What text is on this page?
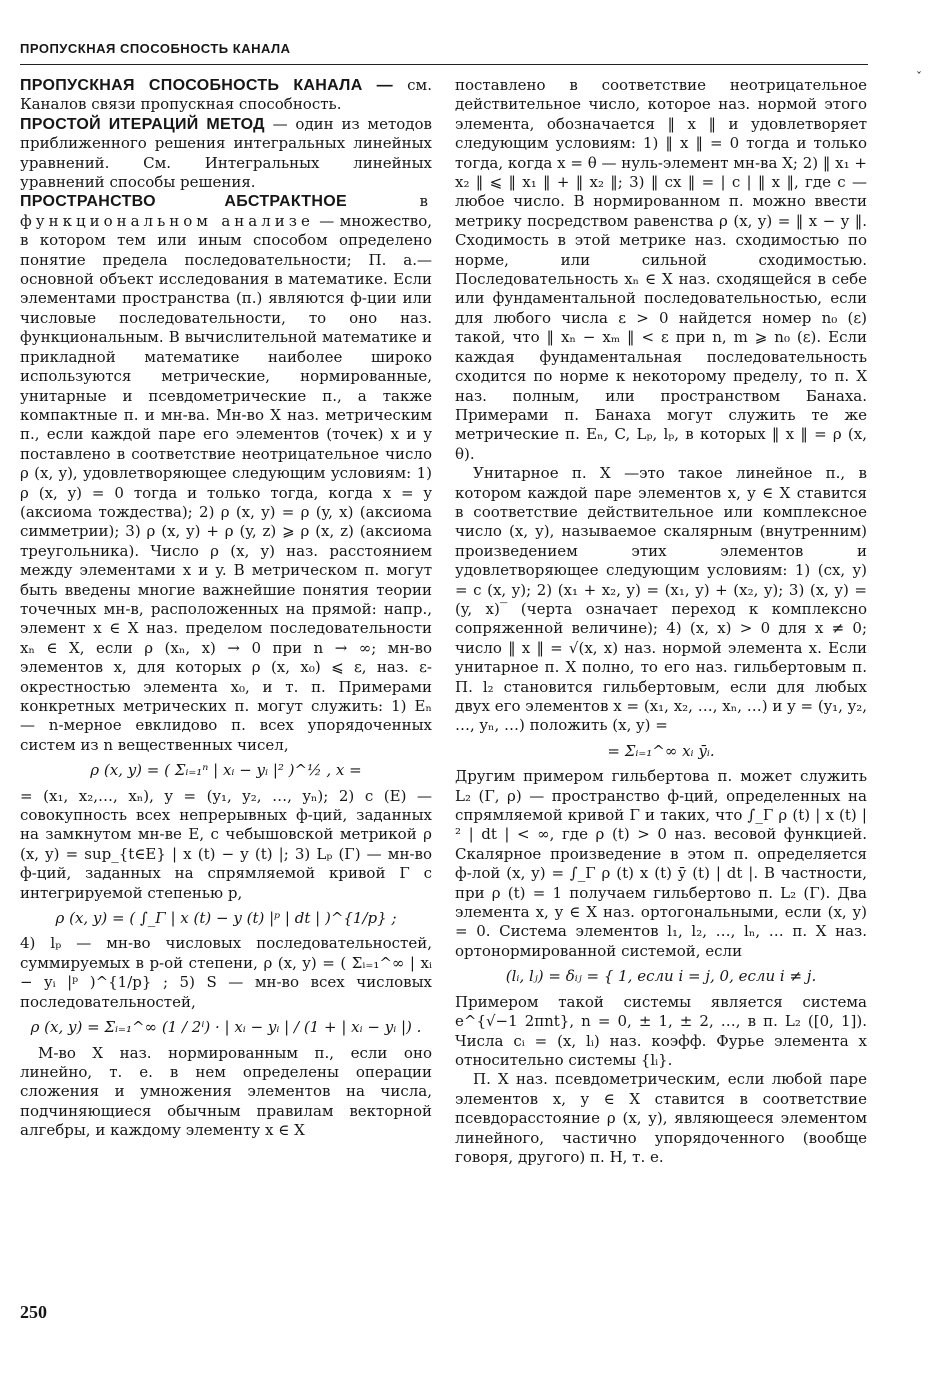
ПРОПУСКНАЯ СПОСОБНОСТЬ КАНАЛА
ˇ

ПРОПУСКНАЯ СПОСОБНОСТЬ КАНАЛА — см. Каналов связи пропускная способность.

ПРОСТОЙ ИТЕРАЦИЙ МЕТОД — один из методов приближенного решения интегральных линейных уравнений. См. Интегральных линейных уравнений способы решения.

ПРОСТРАНСТВО АБСТРАКТНОЕ в функциональном анализе — множество, в котором тем или иным способом определено понятие предела последовательности; П. а.— основной объект исследования в математике. Если элементами пространства (п.) являются ф-ции или числовые последовательности, то оно наз. функциональным. В вычислительной математике и прикладной математике наиболее широко используются метрические, нормированные, унитарные и псевдометрические п., а также компактные п. и мн-ва. Мн-во X наз. метрическим п., если каждой паре его элементов (точек) x и y поставлено в соответствие неотрицательное число ρ (x, y), удовлетворяющее следующим условиям: 1) ρ (x, y) = 0 тогда и только тогда, когда x = y (аксиома тождества); 2) ρ (x, y) = ρ (y, x) (аксиома симметрии); 3) ρ (x, y) + ρ (y, z) ⩾ ρ (x, z) (аксиома треугольника). Число ρ (x, y) наз. расстоянием между элементами x и y. В метрическом п. могут быть введены многие важнейшие понятия теории точечных мн-в, расположенных на прямой: напр., элемент x ∈ X наз. пределом последовательности xₙ ∈ X, если ρ (xₙ, x) → 0 при n → ∞; мн-во элементов x, для которых ρ (x, x₀) ⩽ ε, наз. ε-окрестностью элемента x₀, и т. п. Примерами конкретных метрических п. могут служить: 1) Eₙ — n-мерное евклидово п. всех упорядоченных систем из n вещественных чисел,

ρ (x, y) = ( Σᵢ₌₁ⁿ | xᵢ − yᵢ |² )^½ , x =

= (x₁, x₂,…, xₙ), y = (y₁, y₂, …, yₙ); 2) c (E) — совокупность всех непрерывных ф-ций, заданных на замкнутом мн-ве E, с чебышовской метрикой ρ (x, y) = sup_{t∈E} | x (t) − y (t) |; 3) Lₚ (Γ) — мн-во ф-ций, заданных на спрямляемой кривой Γ с интегрируемой степенью p,

ρ (x, y) = ( ∫_Γ | x (t) − y (t) |ᵖ | dt | )^{1/p} ;

4) lₚ — мн-во числовых последовательностей, суммируемых в p-ой степени, ρ (x, y) = ( Σᵢ₌₁^∞ | xᵢ − yᵢ |ᵖ )^{1/p} ; 5) S — мн-во всех числовых последовательностей,

ρ (x, y) = Σᵢ₌₁^∞ (1 / 2ⁱ) · | xᵢ − yᵢ | / (1 + | xᵢ − yᵢ |) .

М-во X наз. нормированным п., если оно линейно, т. е. в нем определены операции сложения и умножения элементов на числа, подчиняющиеся обычным правилам векторной алгебры, и каждому элементу x ∈ X

поставлено в соответствие неотрицательное действительное число, которое наз. нормой этого элемента, обозначается ‖ x ‖ и удовлетворяет следующим условиям: 1) ‖ x ‖ = 0 тогда и только тогда, когда x = θ — нуль-элемент мн-ва X; 2) ‖ x₁ + x₂ ‖ ⩽ ‖ x₁ ‖ + ‖ x₂ ‖; 3) ‖ cx ‖ = | c | ‖ x ‖, где c — любое число. В нормированном п. можно ввести метрику посредством равенства ρ (x, y) = ‖ x − y ‖. Сходимость в этой метрике наз. сходимостью по норме, или сильной сходимостью. Последовательность xₙ ∈ X наз. сходящейся в себе или фундаментальной последовательностью, если для любого числа ε > 0 найдется номер n₀ (ε) такой, что ‖ xₙ − xₘ ‖ < ε при n, m ⩾ n₀ (ε). Если каждая фундаментальная последовательность сходится по норме к некоторому пределу, то п. X наз. полным, или пространством Банаха. Примерами п. Банаха могут служить те же метрические п. Eₙ, C, Lₚ, lₚ, в которых ‖ x ‖ = ρ (x, θ).

Унитарное п. X —это такое линейное п., в котором каждой паре элементов x, y ∈ X ставится в соответствие действительное или комплексное число (x, y), называемое скалярным (внутренним) произведением этих элементов и удовлетворяющее следующим условиям: 1) (cx, y) = c (x, y); 2) (x₁ + x₂, y) = (x₁, y) + (x₂, y); 3) (x, y) = (y, x)‾ (черта означает переход к комплексно сопряженной величине); 4) (x, x) > 0 для x ≠ 0; число ‖ x ‖ = √(x, x) наз. нормой элемента x. Если унитарное п. X полно, то его наз. гильбертовым п. П. l₂ становится гильбертовым, если для любых двух его элементов x = (x₁, x₂, …, xₙ, …) и y = (y₁, y₂, …, yₙ, …) положить (x, y) =

= Σᵢ₌₁^∞ xᵢ ȳᵢ.

Другим примером гильбертова п. может служить L₂ (Γ, ρ) — пространство ф-ций, определенных на спрямляемой кривой Γ и таких, что ∫_Γ ρ (t) | x (t) |² | dt | < ∞, где ρ (t) > 0 наз. весовой функцией. Скалярное произведение в этом п. определяется ф-лой (x, y) = ∫_Γ ρ (t) x (t) ȳ (t) | dt |. В частности, при ρ (t) = 1 получаем гильбертово п. L₂ (Γ). Два элемента x, y ∈ X наз. ортогональными, если (x, y) = 0. Система элементов l₁, l₂, …, lₙ, … п. X наз. ортонормированной системой, если

(lᵢ, lⱼ) = δᵢⱼ = { 1, если i = j, 0, если i ≠ j.

Примером такой системы является система e^{√−1 2πnt}, n = 0, ± 1, ± 2, …, в п. L₂ ([0, 1]). Числа cᵢ = (x, lᵢ) наз. коэфф. Фурье элемента x относительно системы {lᵢ}.

П. X наз. псевдометрическим, если любой паре элементов x, y ∈ X ставится в соответствие псевдорасстояние ρ (x, y), являющееся элементом линейного, частично упорядоченного (вообще говоря, другого) п. H, т. е.

250
